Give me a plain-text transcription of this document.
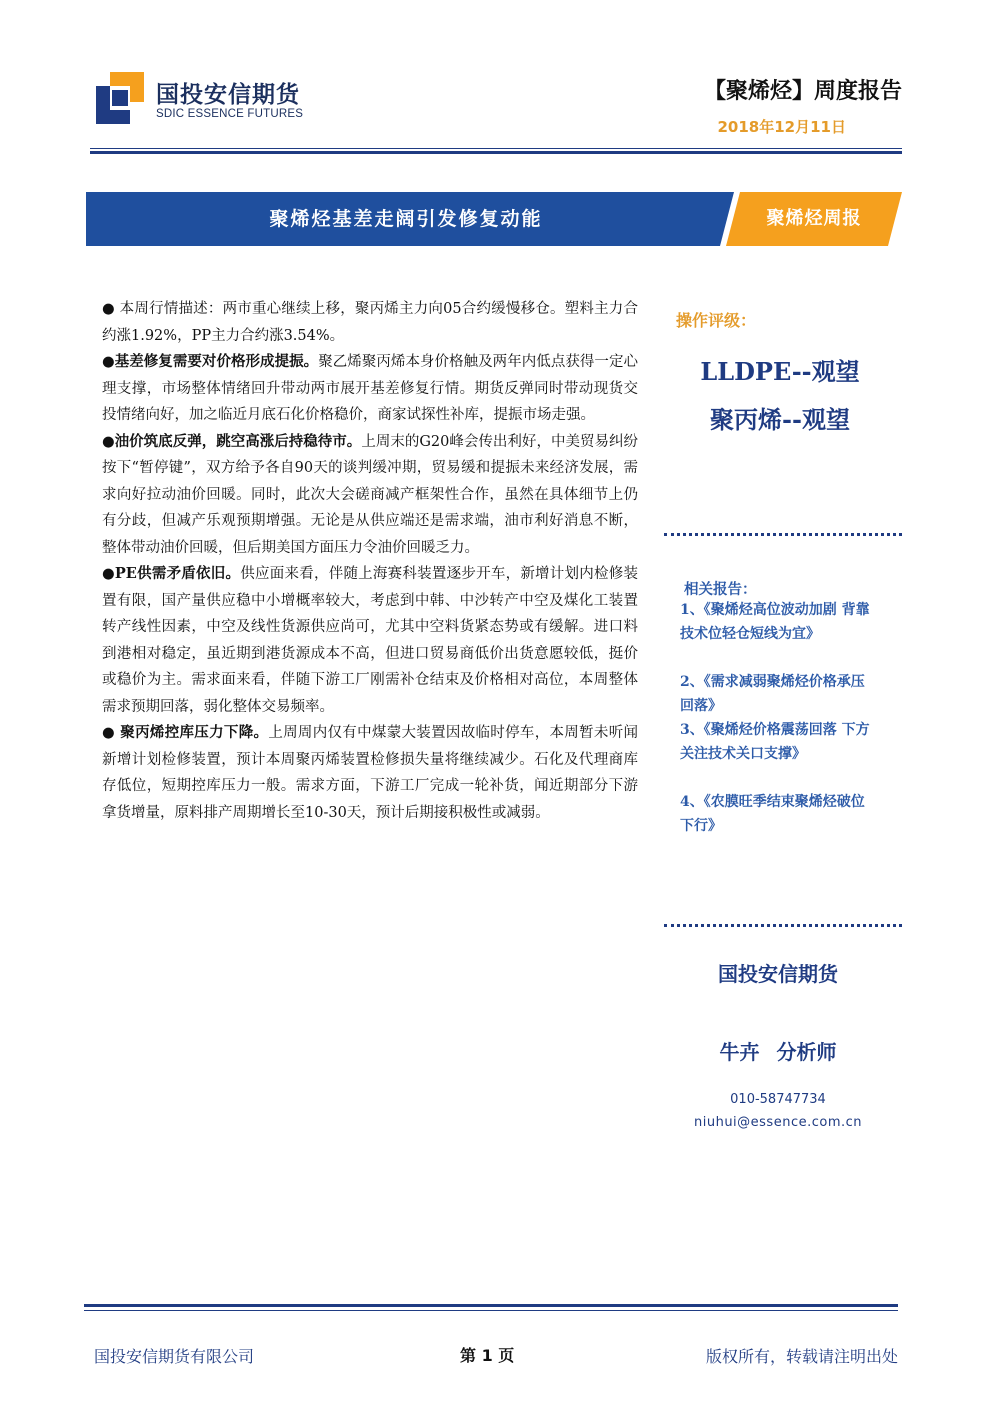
国投安信期货
SDIC ESSENCE FUTURES
【聚烯烃】周度报告
2018年12月11日
聚烯烃基差走阔引发修复动能	聚烯烃周报

● 本周行情描述：两市重心继续上移，聚丙烯主力向05合约缓慢移仓。塑料主力合约涨1.92%，PP主力合约涨3.54%。

●基差修复需要对价格形成提振。聚乙烯聚丙烯本身价格触及两年内低点获得一定心理支撑，市场整体情绪回升带动两市展开基差修复行情。期货反弹同时带动现货交投情绪向好，加之临近月底石化价格稳价，商家试探性补库，提振市场走强。

●油价筑底反弹，跳空高涨后持稳待市。上周末的G20峰会传出利好，中美贸易纠纷按下“暂停键”，双方给予各自90天的谈判缓冲期，贸易缓和提振未来经济发展，需求向好拉动油价回暖。同时，此次大会磋商减产框架性合作，虽然在具体细节上仍有分歧，但减产乐观预期增强。无论是从供应端还是需求端，油市利好消息不断，整体带动油价回暖，但后期美国方面压力令油价回暖乏力。

●PE供需矛盾依旧。供应面来看，伴随上海赛科装置逐步开车，新增计划内检修装置有限，国产量供应稳中小增概率较大，考虑到中韩、中沙转产中空及煤化工装置转产线性因素，中空及线性货源供应尚可，尤其中空料货紧态势或有缓解。进口料到港相对稳定，虽近期到港货源成本不高，但进口贸易商低价出货意愿较低，挺价或稳价为主。需求面来看，伴随下游工厂刚需补仓结束及价格相对高位，本周整体需求预期回落，弱化整体交易频率。

● 聚丙烯控库压力下降。上周周内仅有中煤蒙大装置因故临时停车，本周暂未听闻新增计划检修装置，预计本周聚丙烯装置检修损失量将继续减少。石化及代理商库存低位，短期控库压力一般。需求方面，下游工厂完成一轮补货，闻近期部分下游拿货增量，原料排产周期增长至10-30天，预计后期接积极性或减弱。

操作评级：
LLDPE--观望
聚丙烯--观望
相关报告：
1、《聚烯烃高位波动加剧 背靠技术位轻仓短线为宜》
2、《需求减弱聚烯烃价格承压回落》
3、《聚烯烃价格震荡回落 下方关注技术关口支撑》
4、《农膜旺季结束聚烯烃破位下行》
国投安信期货
牛卉 分析师
010-58747734
niuhui@essence.com.cn
国投安信期货有限公司	第 1 页	版权所有，转载请注明出处
